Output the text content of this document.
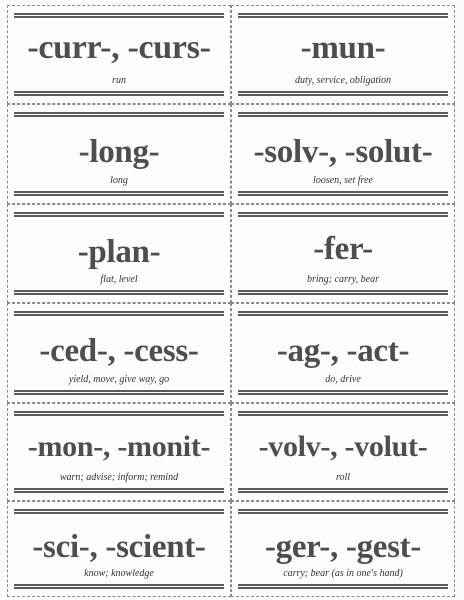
-curr-, -curs-
run
-mun-
duty, service, obligation
-long-
long
-solv-, -solut-
loosen, set free
-plan-
flat, level
-fer-
bring; carry, bear
-ced-, -cess-
yield, move, give way, go
-ag-, -act-
do, drive
-mon-, -monit-
warn; advise; inform; remind
-volv-, -volut-
roll
-sci-, -scient-
know; knowledge
-ger-, -gest-
carry; bear (as in one's hand)
